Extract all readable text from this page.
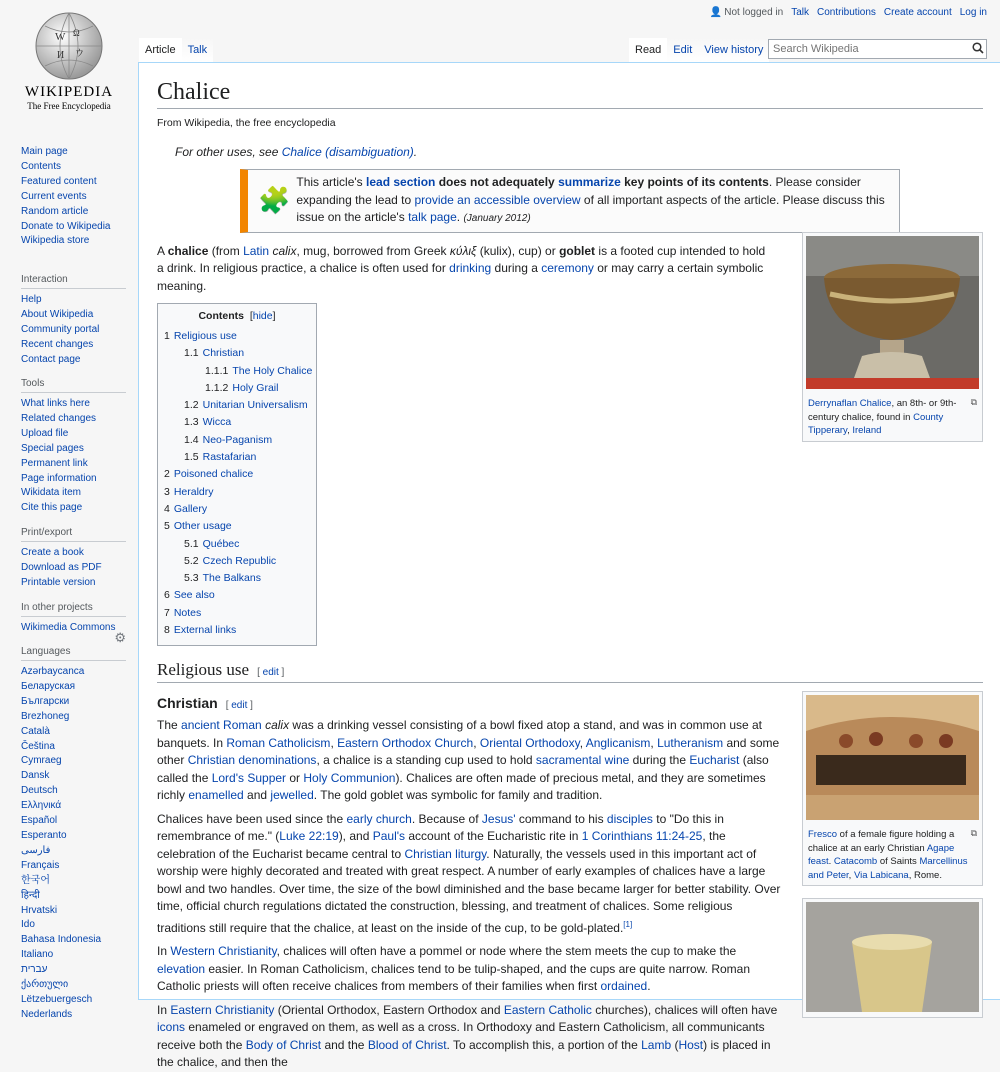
W Ω
И ウ
WIKIPEDIA
The Free Encyclopedia
Main page
Contents
Featured content
Current events
Random article
Donate to Wikipedia
Wikipedia store
Interaction
Help
About Wikipedia
Community portal
Recent changes
Contact page
Tools
What links here
Related changes
Upload file
Special pages
Permanent link
Page information
Wikidata item
Cite this page
Print/export
Create a book
Download as PDF
Printable version
In other projects
Wikimedia Commons
Languages
⚙
Azərbaycanca
Беларуская
Български
Brezhoneg
Català
Čeština
Cymraeg
Dansk
Deutsch
Ελληνικά
Español
Esperanto
فارسی
Français
한국어
हिन्दी
Hrvatski
Ido
Bahasa Indonesia
Italiano
עברית
ქართული
Lëtzebuergesch
Nederlands
👤 Not logged in Talk Contributions Create account Log in
Article	Talk	Read	Edit	View history
Search Wikipedia
Chalice
From Wikipedia, the free encyclopedia
For other uses, see Chalice (disambiguation).
🧩
This article's lead section does not adequately summarize key points of its contents. Please consider expanding the lead to provide an accessible overview of all important aspects of the article. Please discuss this issue on the article's talk page. (January 2012)

A chalice (from Latin calix, mug, borrowed from Greek κύλιξ (kulix), cup) or goblet is a footed cup intended to hold a drink. In religious practice, a chalice is often used for drinking during a ceremony or may carry a certain symbolic meaning.

Contents [hide]
1 Religious use
1.1 Christian
1.1.1 The Holy Chalice
1.1.2 Holy Grail
1.2 Unitarian Universalism
1.3 Wicca
1.4 Neo-Paganism
1.5 Rastafarian
2 Poisoned chalice
3 Heraldry
4 Gallery
5 Other usage
5.1 Québec
5.2 Czech Republic
5.3 The Balkans
6 See also
7 Notes
8 External links
⧉
Derrynaflan Chalice, an 8th- or 9th-century chalice, found in County Tipperary, Ireland
Religious use [ edit ]
Christian [ edit ]
⧉
Fresco of a female figure holding a chalice at an early Christian Agape feast. Catacomb of Saints Marcellinus and Peter, Via Labicana, Rome.

The ancient Roman calix was a drinking vessel consisting of a bowl fixed atop a stand, and was in common use at banquets. In Roman Catholicism, Eastern Orthodox Church, Oriental Orthodoxy, Anglicanism, Lutheranism and some other Christian denominations, a chalice is a standing cup used to hold sacramental wine during the Eucharist (also called the Lord's Supper or Holy Communion). Chalices are often made of precious metal, and they are sometimes richly enamelled and jewelled. The gold goblet was symbolic for family and tradition.

Chalices have been used since the early church. Because of Jesus' command to his disciples to "Do this in remembrance of me." (Luke 22:19), and Paul's account of the Eucharistic rite in 1 Corinthians 11:24-25, the celebration of the Eucharist became central to Christian liturgy. Naturally, the vessels used in this important act of worship were highly decorated and treated with great respect. A number of early examples of chalices have a large bowl and two handles. Over time, the size of the bowl diminished and the base became larger for better stability. Over time, official church regulations dictated the construction, blessing, and treatment of chalices. Some religious traditions still require that the chalice, at least on the inside of the cup, to be gold-plated.[1]

In Western Christianity, chalices will often have a pommel or node where the stem meets the cup to make the elevation easier. In Roman Catholicism, chalices tend to be tulip-shaped, and the cups are quite narrow. Roman Catholic priests will often receive chalices from members of their families when first ordained.

In Eastern Christianity (Oriental Orthodox, Eastern Orthodox and Eastern Catholic churches), chalices will often have icons enameled or engraved on them, as well as a cross. In Orthodoxy and Eastern Catholicism, all communicants receive both the Body of Christ and the Blood of Christ. To accomplish this, a portion of the Lamb (Host) is placed in the chalice, and then the
